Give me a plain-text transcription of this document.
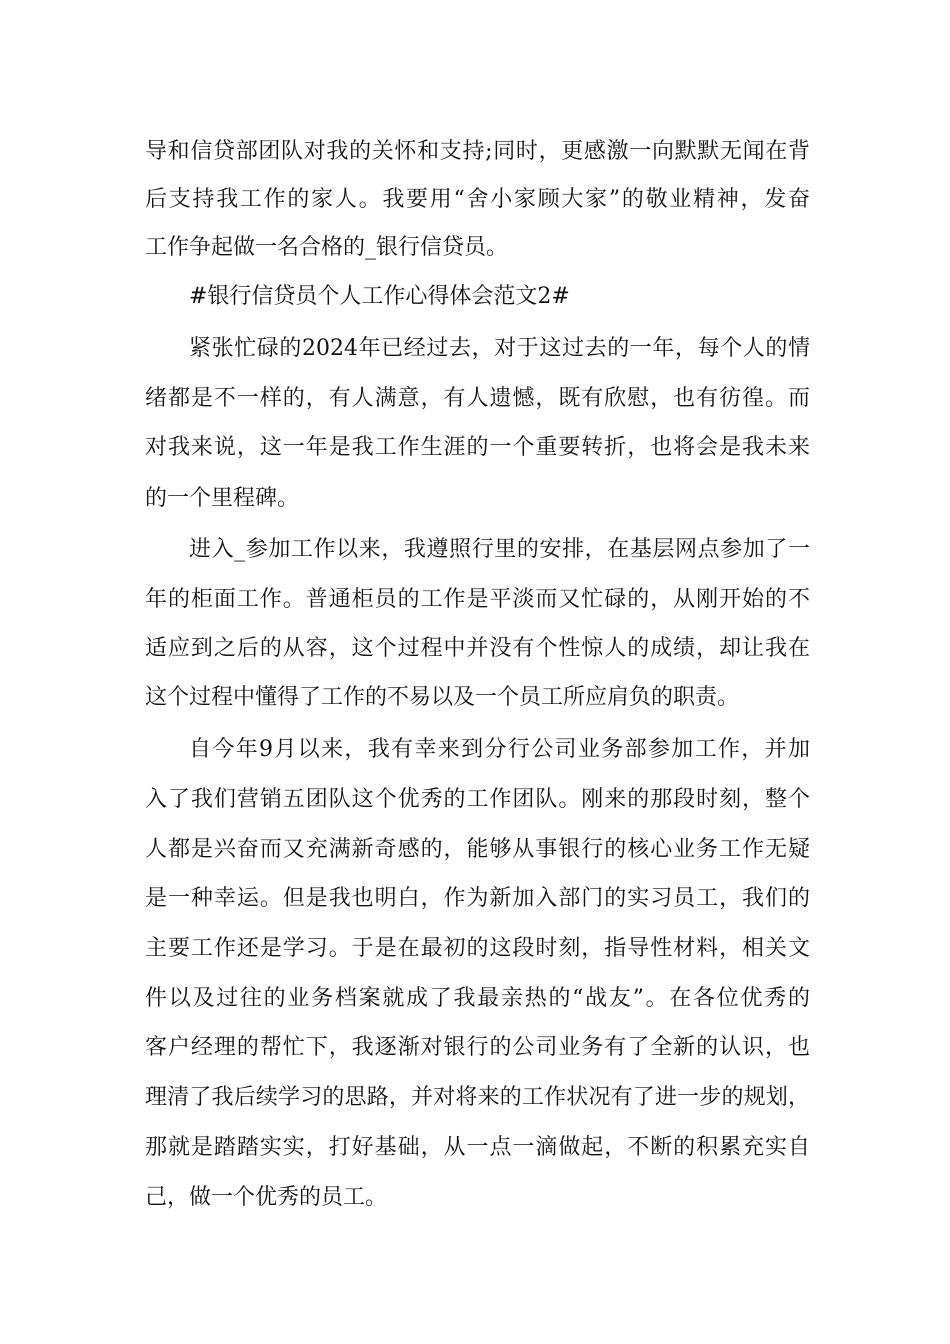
导和信贷部团队对我的关怀和支持;同时，更感激一向默默无闻在背
后支持我工作的家人。我要用“舍小家顾大家”的敬业精神，发奋
工作争起做一名合格的_银行信贷员。
#银行信贷员个人工作心得体会范文2#
紧张忙碌的2024年已经过去，对于这过去的一年，每个人的情
绪都是不一样的，有人满意，有人遗憾，既有欣慰，也有彷徨。而
对我来说，这一年是我工作生涯的一个重要转折，也将会是我未来
的一个里程碑。
进入_参加工作以来，我遵照行里的安排，在基层网点参加了一
年的柜面工作。普通柜员的工作是平淡而又忙碌的，从刚开始的不
适应到之后的从容，这个过程中并没有个性惊人的成绩，却让我在
这个过程中懂得了工作的不易以及一个员工所应肩负的职责。
自今年9月以来，我有幸来到分行公司业务部参加工作，并加
入了我们营销五团队这个优秀的工作团队。刚来的那段时刻，整个
人都是兴奋而又充满新奇感的，能够从事银行的核心业务工作无疑
是一种幸运。但是我也明白，作为新加入部门的实习员工，我们的
主要工作还是学习。于是在最初的这段时刻，指导性材料，相关文
件以及过往的业务档案就成了我最亲热的“战友”。在各位优秀的
客户经理的帮忙下，我逐渐对银行的公司业务有了全新的认识，也
理清了我后续学习的思路，并对将来的工作状况有了进一步的规划，
那就是踏踏实实，打好基础，从一点一滴做起，不断的积累充实自
己，做一个优秀的员工。
